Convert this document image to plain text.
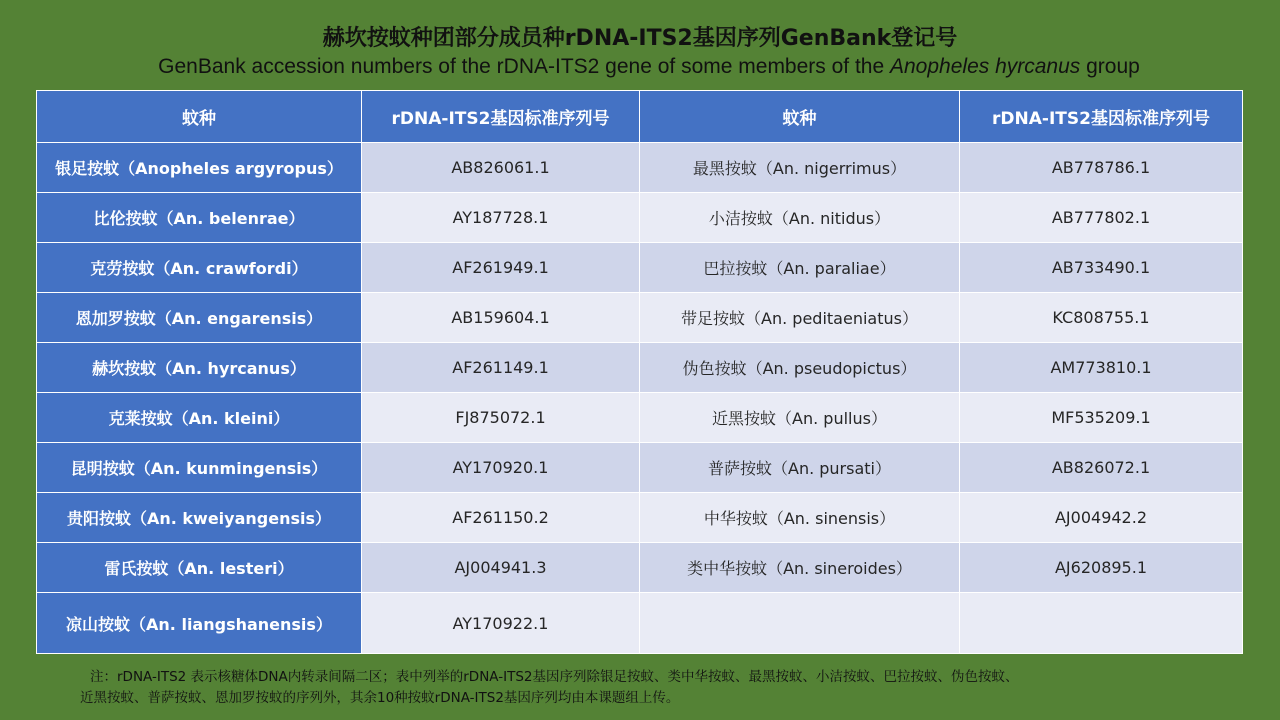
赫坎按蚊种团部分成员种rDNA-ITS2基因序列GenBank登记号
GenBank accession numbers of the rDNA-ITS2 gene of some members of the Anopheles hyrcanus group
蚊种	rDNA-ITS2基因标准序列号	蚊种	rDNA-ITS2基因标准序列号
银足按蚊（Anopheles argyropus）	AB826061.1	最黑按蚊（An. nigerrimus）	AB778786.1
比伦按蚊（An. belenrae）	AY187728.1	小洁按蚊（An. nitidus）	AB777802.1
克劳按蚊（An. crawfordi）	AF261949.1	巴拉按蚊（An. paraliae）	AB733490.1
恩加罗按蚊（An. engarensis）	AB159604.1	带足按蚊（An. peditaeniatus）	KC808755.1
赫坎按蚊（An. hyrcanus）	AF261149.1	伪色按蚊（An. pseudopictus）	AM773810.1
克莱按蚊（An. kleini）	FJ875072.1	近黑按蚊（An. pullus）	MF535209.1
昆明按蚊（An. kunmingensis）	AY170920.1	普萨按蚊（An. pursati）	AB826072.1
贵阳按蚊（An. kweiyangensis）	AF261150.2	中华按蚊（An. sinensis）	AJ004942.2
雷氏按蚊（An. lesteri）	AJ004941.3	类中华按蚊（An. sineroides）	AJ620895.1
凉山按蚊（An. liangshanensis）	AY170922.1		
注：rDNA-ITS2 表示核糖体DNA内转录间隔二区；表中列举的rDNA-ITS2基因序列除银足按蚊、类中华按蚊、最黑按蚊、小洁按蚊、巴拉按蚊、伪色按蚊、
近黑按蚊、普萨按蚊、恩加罗按蚊的序列外，其余10种按蚊rDNA-ITS2基因序列均由本课题组上传。
